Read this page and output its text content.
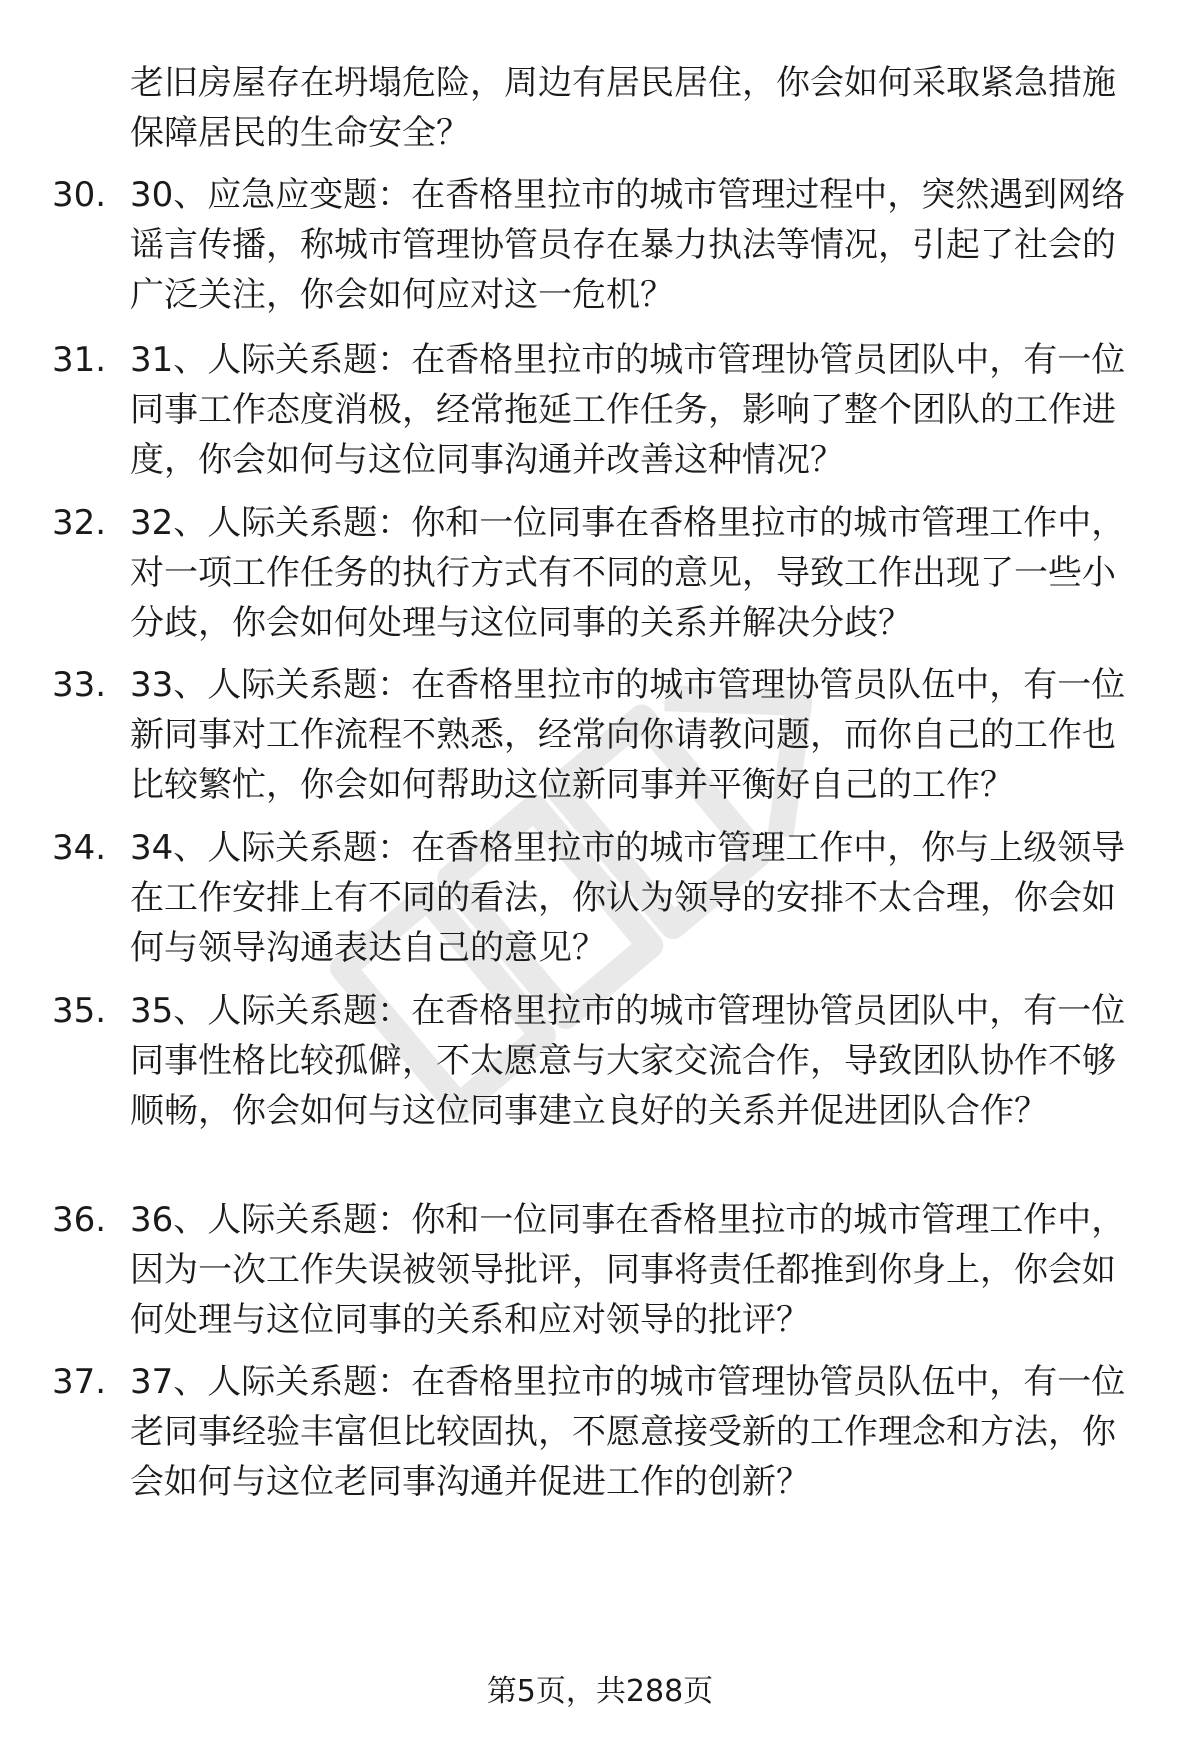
老旧房屋存在坍塌危险，周边有居民居住，你会如何采取紧急措施保障居民的生命安全？

30. 30、应急应变题：在香格里拉市的城市管理过程中，突然遇到网络谣言传播，称城市管理协管员存在暴力执法等情况，引起了社会的广泛关注，你会如何应对这一危机？

31. 31、人际关系题：在香格里拉市的城市管理协管员团队中，有一位同事工作态度消极，经常拖延工作任务，影响了整个团队的工作进度，你会如何与这位同事沟通并改善这种情况？

32. 32、人际关系题：你和一位同事在香格里拉市的城市管理工作中，对一项工作任务的执行方式有不同的意见，导致工作出现了一些小分歧，你会如何处理与这位同事的关系并解决分歧？

33. 33、人际关系题：在香格里拉市的城市管理协管员队伍中，有一位新同事对工作流程不熟悉，经常向你请教问题，而你自己的工作也比较繁忙，你会如何帮助这位新同事并平衡好自己的工作？

34. 34、人际关系题：在香格里拉市的城市管理工作中，你与上级领导在工作安排上有不同的看法，你认为领导的安排不太合理，你会如何与领导沟通表达自己的意见？

35. 35、人际关系题：在香格里拉市的城市管理协管员团队中，有一位同事性格比较孤僻，不太愿意与大家交流合作，导致团队协作不够顺畅，你会如何与这位同事建立良好的关系并促进团队合作？

36. 36、人际关系题：你和一位同事在香格里拉市的城市管理工作中，因为一次工作失误被领导批评，同事将责任都推到你身上，你会如何处理与这位同事的关系和应对领导的批评？

37. 37、人际关系题：在香格里拉市的城市管理协管员队伍中，有一位老同事经验丰富但比较固执，不愿意接受新的工作理念和方法，你会如何与这位老同事沟通并促进工作的创新？

第5页，共288页
